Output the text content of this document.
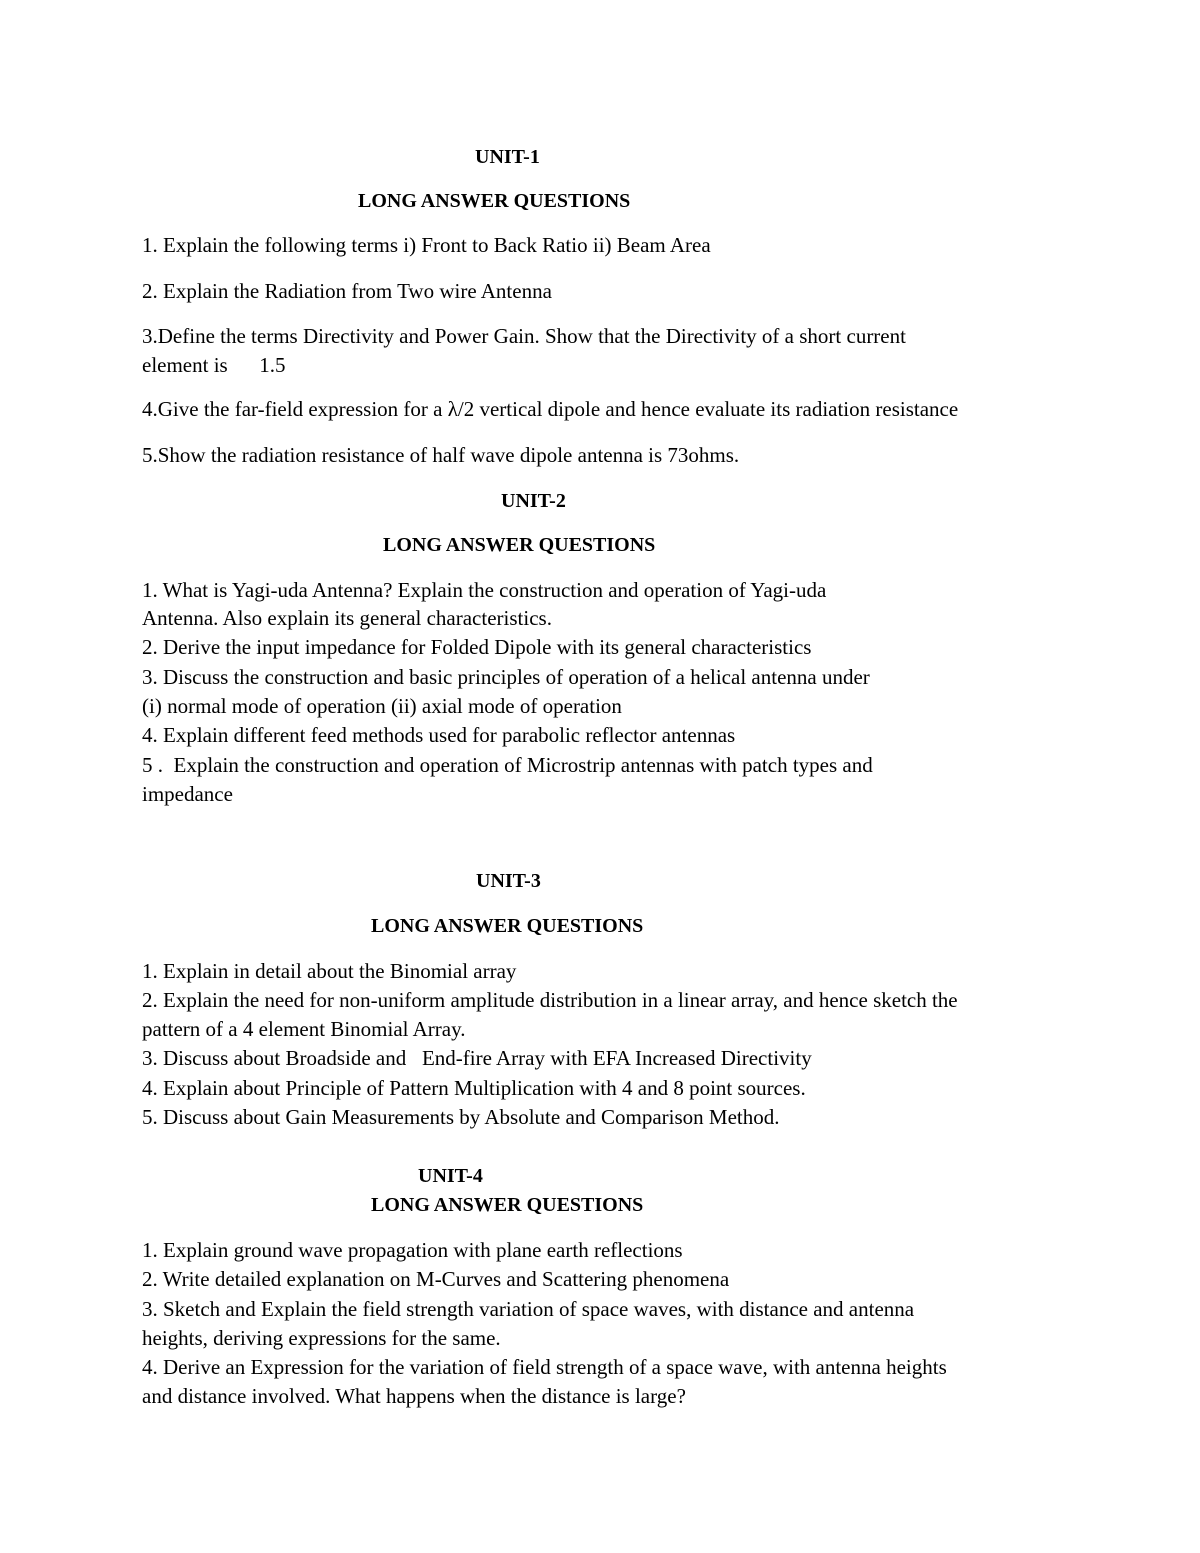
UNIT-1
LONG ANSWER QUESTIONS
1. Explain the following terms i) Front to Back Ratio ii) Beam Area
2. Explain the Radiation from Two wire Antenna
3.Define the terms Directivity and Power Gain. Show that the Directivity of a short current
element is      1.5
4.Give the far-field expression for a λ/2 vertical dipole and hence evaluate its radiation resistance
5.Show the radiation resistance of half wave dipole antenna is 73ohms.
UNIT-2
LONG ANSWER QUESTIONS
1. What is Yagi-uda Antenna? Explain the construction and operation of Yagi-uda
Antenna. Also explain its general characteristics.
2. Derive the input impedance for Folded Dipole with its general characteristics
3. Discuss the construction and basic principles of operation of a helical antenna under
(i) normal mode of operation (ii) axial mode of operation
4. Explain different feed methods used for parabolic reflector antennas
5 .  Explain the construction and operation of Microstrip antennas with patch types and
impedance
UNIT-3
LONG ANSWER QUESTIONS
1. Explain in detail about the Binomial array
2. Explain the need for non-uniform amplitude distribution in a linear array, and hence sketch the
pattern of a 4 element Binomial Array.
3. Discuss about Broadside and   End-fire Array with EFA Increased Directivity
4. Explain about Principle of Pattern Multiplication with 4 and 8 point sources.
5. Discuss about Gain Measurements by Absolute and Comparison Method.
UNIT-4
LONG ANSWER QUESTIONS
1. Explain ground wave propagation with plane earth reflections
2. Write detailed explanation on M-Curves and Scattering phenomena
3. Sketch and Explain the field strength variation of space waves, with distance and antenna
heights, deriving expressions for the same.
4. Derive an Expression for the variation of field strength of a space wave, with antenna heights
and distance involved. What happens when the distance is large?
